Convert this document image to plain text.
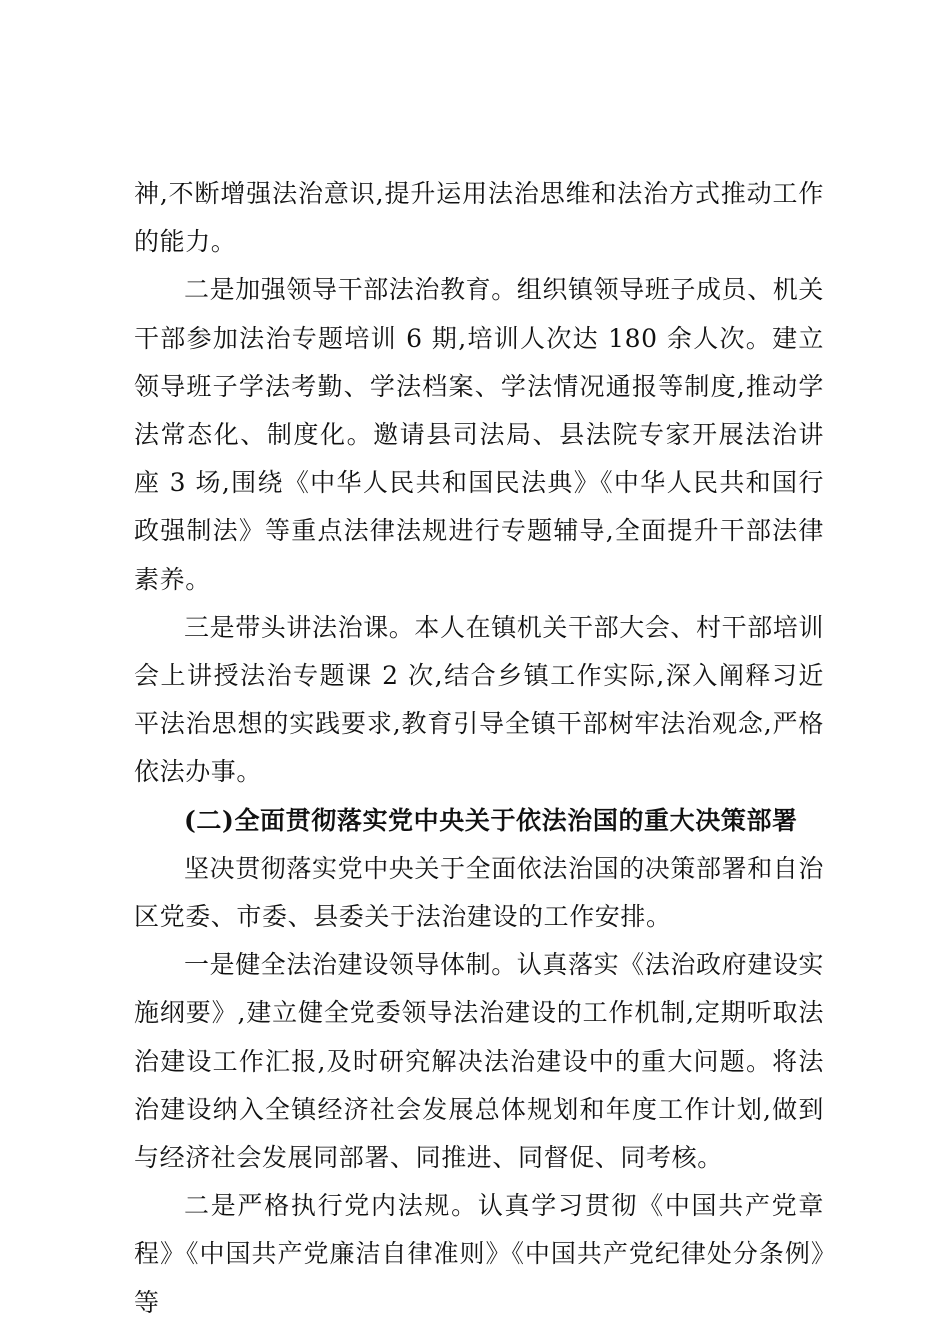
神,不断增强法治意识,提升运用法治思维和法治方式推动工作的能力。

二是加强领导干部法治教育。组织镇领导班子成员、机关干部参加法治专题培训 6 期,培训人次达 180 余人次。建立领导班子学法考勤、学法档案、学法情况通报等制度,推动学法常态化、制度化。邀请县司法局、县法院专家开展法治讲座 3 场,围绕《中华人民共和国民法典》《中华人民共和国行政强制法》等重点法律法规进行专题辅导,全面提升干部法律素养。

三是带头讲法治课。本人在镇机关干部大会、村干部培训会上讲授法治专题课 2 次,结合乡镇工作实际,深入阐释习近平法治思想的实践要求,教育引导全镇干部树牢法治观念,严格依法办事。

(二)全面贯彻落实党中央关于依法治国的重大决策部署

坚决贯彻落实党中央关于全面依法治国的决策部署和自治区党委、市委、县委关于法治建设的工作安排。

一是健全法治建设领导体制。认真落实《法治政府建设实施纲要》,建立健全党委领导法治建设的工作机制,定期听取法治建设工作汇报,及时研究解决法治建设中的重大问题。将法治建设纳入全镇经济社会发展总体规划和年度工作计划,做到与经济社会发展同部署、同推进、同督促、同考核。

二是严格执行党内法规。认真学习贯彻《中国共产党章程》《中国共产党廉洁自律准则》《中国共产党纪律处分条例》等
